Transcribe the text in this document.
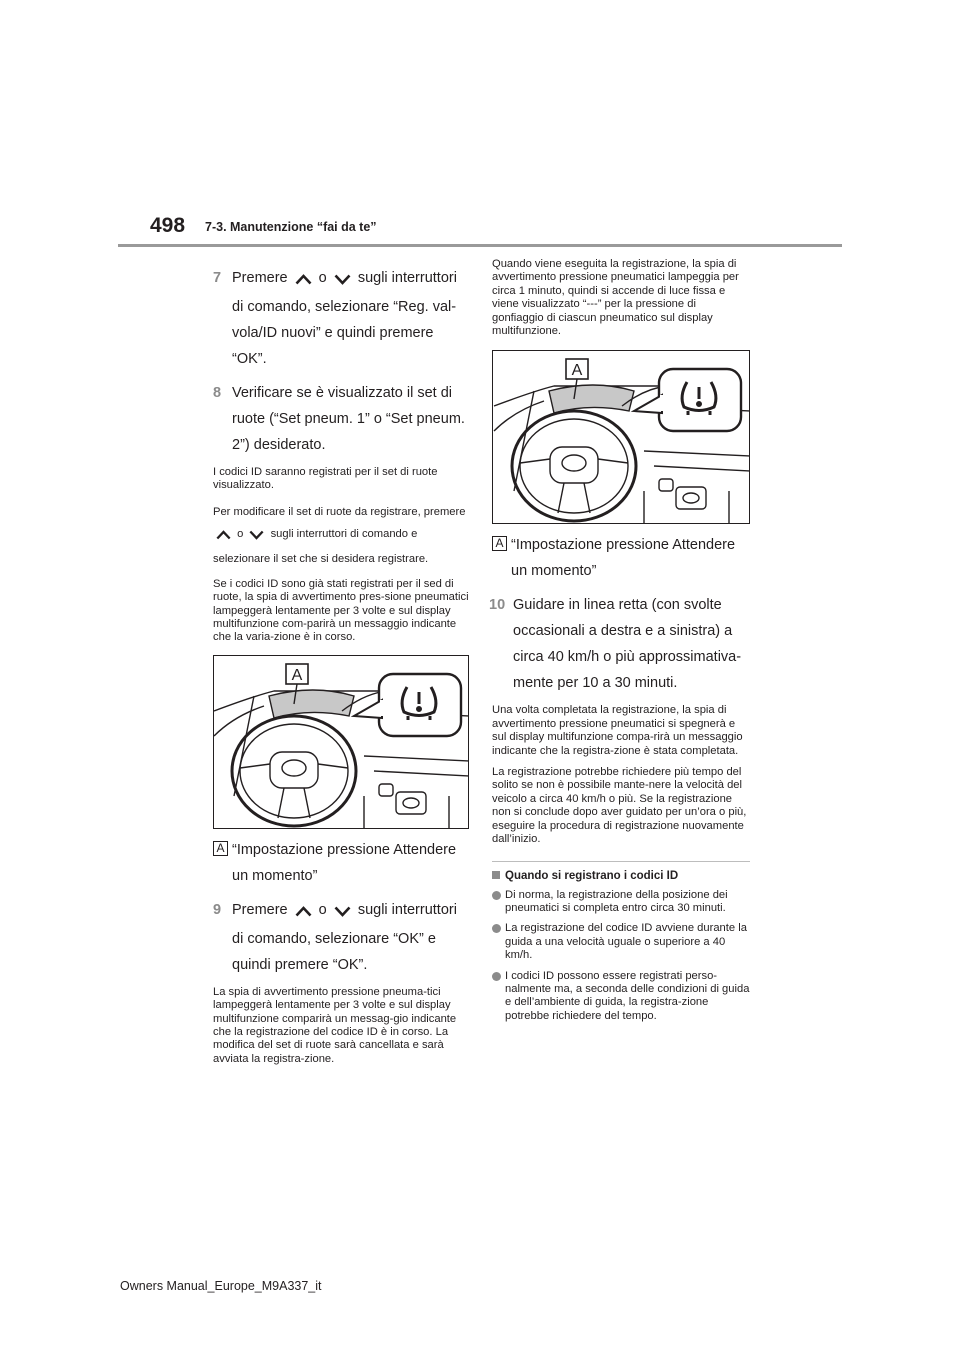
498 7-3. Manutenzione “fai da te”
7 Premere o sugli interruttori di comando, selezionare “Reg. val-vola/ID nuovi” e quindi premere “OK”.
8 Verificare se è visualizzato il set di ruote (“Set pneum. 1” o “Set pneum. 2”) desiderato.

I codici ID saranno registrati per il set di ruote visualizzato.

Per modificare il set di ruote da registrare, premere  o sugli interruttori di comando e selezionare il set che si desidera registrare.

Se i codici ID sono già stati registrati per il sed di ruote, la spia di avvertimento pres-sione pneumatici lampeggerà lentamente per 3 volte e sul display multifunzione com-parirà un messaggio indicante che la varia-zione è in corso.

A
A “Impostazione pressione Attendere un momento”
9 Premere o sugli interruttori di comando, selezionare “OK” e quindi premere “OK”.

La spia di avvertimento pressione pneuma-tici lampeggerà lentamente per 3 volte e sul display multifunzione comparirà un messag-gio indicante che la registrazione del codice ID è in corso. La modifica del set di ruote sarà cancellata e sarà avviata la registra-zione.

Quando viene eseguita la registrazione, la spia di avvertimento pressione pneumatici lampeggia per circa 1 minuto, quindi si accende di luce fissa e viene visualizzato “---” per la pressione di gonfiaggio di ciascun pneumatico sul display multifunzione.

A
A “Impostazione pressione Attendere un momento”
10 Guidare in linea retta (con svolte occasionali a destra e a sinistra) a circa 40 km/h o più approssimativa-mente per 10 a 30 minuti.

Una volta completata la registrazione, la spia di avvertimento pressione pneumatici si spegnerà e sul display multifunzione compa-rirà un messaggio indicante che la registra-zione è stata completata.

La registrazione potrebbe richiedere più tempo del solito se non è possibile mante-nere la velocità del veicolo a circa 40 km/h o più. Se la registrazione non si conclude dopo aver guidato per un’ora o più, eseguire la procedura di registrazione nuovamente dall’inizio.

Quando si registrano i codici ID
Di norma, la registrazione della posizione dei pneumatici si completa entro circa 30 minuti.
La registrazione del codice ID avviene durante la guida a una velocità uguale o superiore a 40 km/h.
I codici ID possono essere registrati perso-nalmente ma, a seconda delle condizioni di guida e dell’ambiente di guida, la registra-zione potrebbe richiedere del tempo.
Owners Manual_Europe_M9A337_it
